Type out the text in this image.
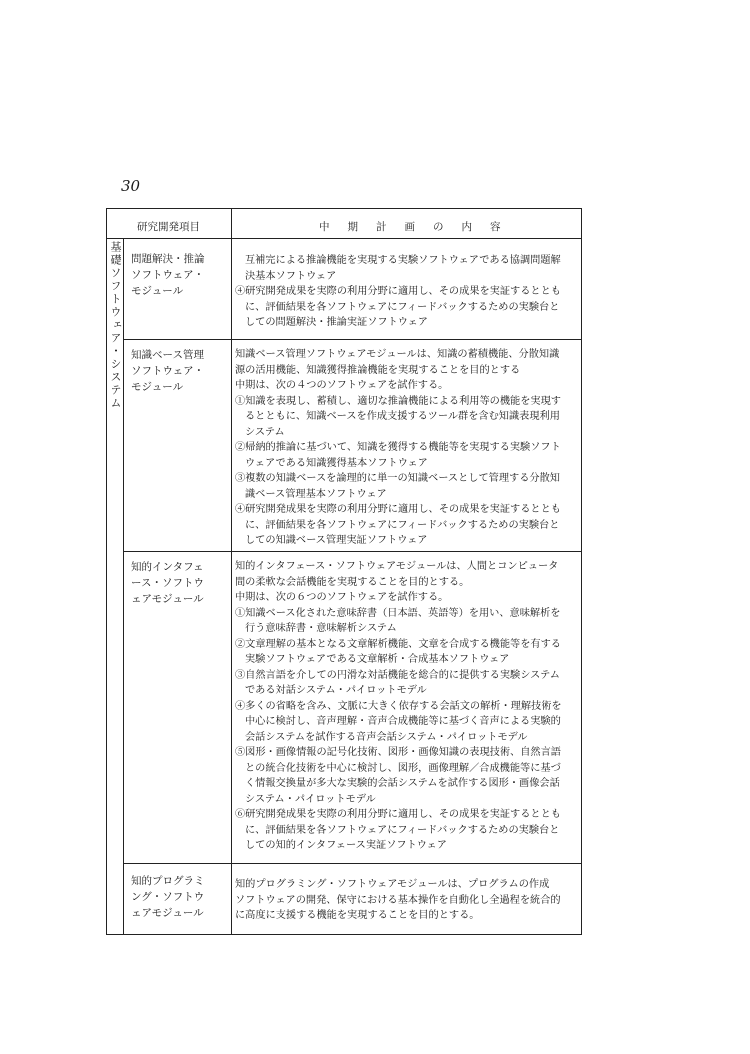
30
研究開発項目	中期計画の内容
基礎ソフトウェア・システム 問題解決・推論
ソフトウェア・
モジュール

互補完による推論機能を実現する実験ソフトウェアである協調問題解

決基本ソフトウェア

④研究開発成果を実際の利用分野に適用し、その成果を実証するととも

に、評価結果を各ソフトウェアにフィードバックするための実験台と

しての問題解決・推論実証ソフトウェア

知識ベース管理
ソフトウェア・
モジュール

知識ベース管理ソフトウェアモジュールは、知識の蓄積機能、分散知識

源の活用機能、知識獲得推論機能を実現することを目的とする

中期は、次の４つのソフトウェアを試作する。

①知識を表現し、蓄積し、適切な推論機能による利用等の機能を実現す

るとともに、知識ベースを作成支援するツール群を含む知識表現利用

システム

②帰納的推論に基づいて、知識を獲得する機能等を実現する実験ソフト

ウェアである知識獲得基本ソフトウェア

③複数の知識ベースを論理的に単一の知識ベースとして管理する分散知

識ベース管理基本ソフトウェア

④研究開発成果を実際の利用分野に適用し、その成果を実証するととも

に、評価結果を各ソフトウェアにフィードバックするための実験台と

しての知識ベース管理実証ソフトウェア

知的インタフェ
ース・ソフトウ
ェアモジュール

知的インタフェース・ソフトウェアモジュールは、人間とコンピュータ

間の柔軟な会話機能を実現することを目的とする。

中期は、次の６つのソフトウェアを試作する。

①知識ベース化された意味辞書（日本語、英語等）を用い、意味解析を

行う意味辞書・意味解析システム

②文章理解の基本となる文章解析機能、文章を合成する機能等を有する

実験ソフトウェアである文章解析・合成基本ソフトウェア

③自然言語を介しての円滑な対話機能を総合的に提供する実験システム

である対話システム・パイロットモデル

④多くの省略を含み、文脈に大きく依存する会話文の解析・理解技術を

中心に検討し、音声理解・音声合成機能等に基づく音声による実験的

会話システムを試作する音声会話システム・パイロットモデル

⑤図形・画像情報の記号化技術、図形・画像知識の表現技術、自然言語

との統合化技術を中心に検討し、図形，画像理解／合成機能等に基づ

く情報交換量が多大な実験的会話システムを試作する図形・画像会話

システム・パイロットモデル

⑥研究開発成果を実際の利用分野に適用し、その成果を実証するととも

に、評価結果を各ソフトウェアにフィードバックするための実験台と

しての知的インタフェース実証ソフトウェア

知的プログラミ
ング・ソフトウ
ェアモジュール

知的プログラミング・ソフトウェアモジュールは、プログラムの作成

ソフトウェアの開発、保守における基本操作を自動化し全過程を統合的

に高度に支援する機能を実現することを目的とする。
